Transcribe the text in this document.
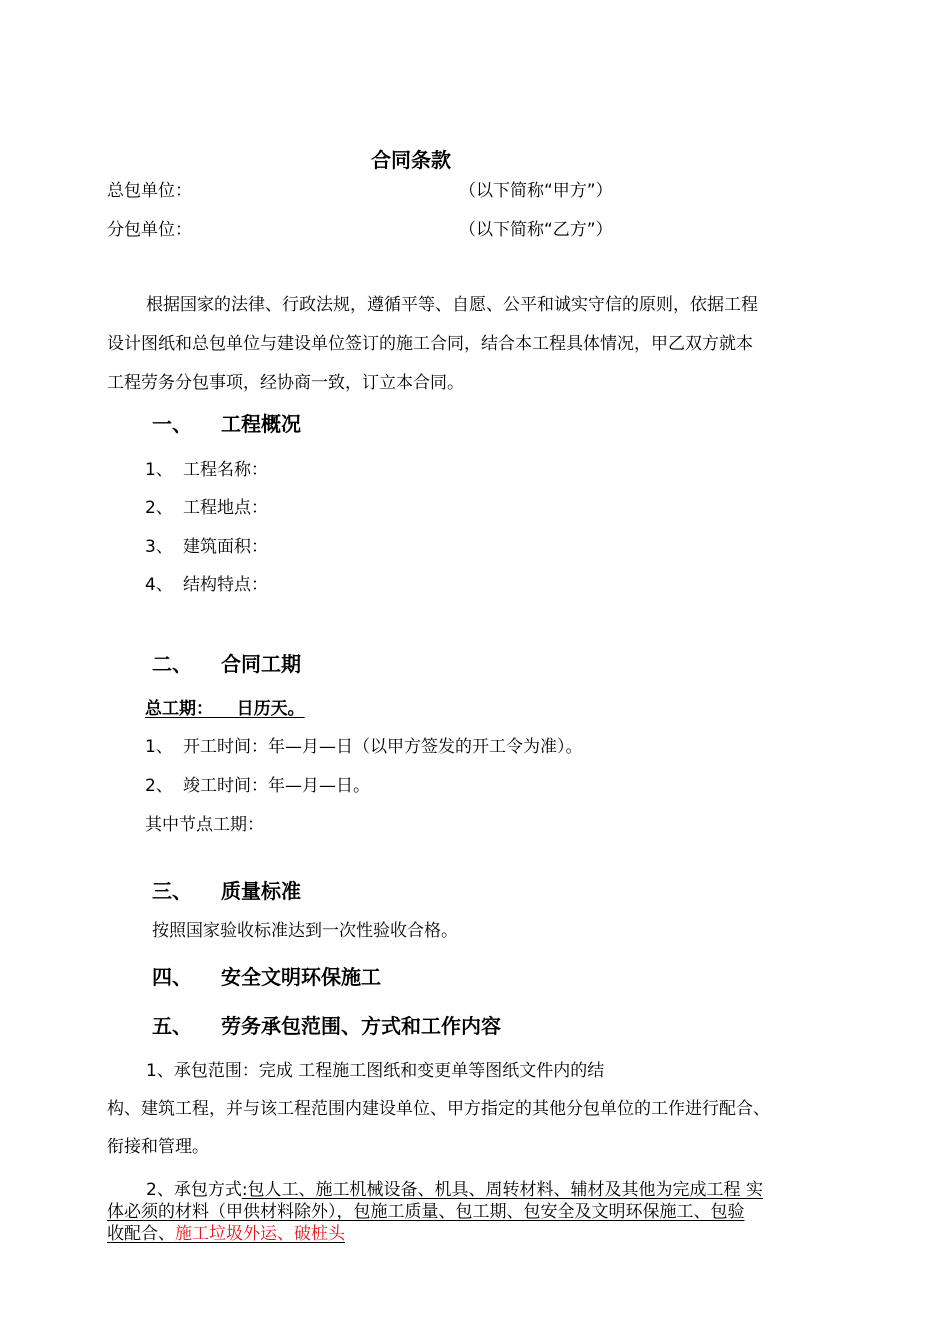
合同条款
总包单位：	（以下简称“甲方”）
分包单位：	（以下简称“乙方”）
根据国家的法律、行政法规，遵循平等、自愿、公平和诚实守信的原则，依据工程
设计图纸和总包单位与建设单位签订的施工合同，结合本工程具体情况，甲乙双方就本
工程劳务分包事项，经协商一致，订立本合同。
一、 工程概况
1、 工程名称：
2、 工程地点：
3、 建筑面积：
4、 结构特点：
二、 合同工期
总工期：    日历天。
1、 开工时间：年—月—日（以甲方签发的开工令为准）。
2、 竣工时间：年—月—日。
其中节点工期：
三、 质量标准
按照国家验收标准达到一次性验收合格。
四、 安全文明环保施工
五、 劳务承包范围、方式和工作内容
1、承包范围：完成 工程施工图纸和变更单等图纸文件内的结
构、建筑工程，并与该工程范围内建设单位、甲方指定的其他分包单位的工作进行配合、
衔接和管理。
2、承包方式:包人工、施工机械设备、机具、周转材料、辅材及其他为完成工程 实
体必须的材料（甲供材料除外），包施工质量、包工期、包安全及文明环保施工、包验
收配合、施工垃圾外运、破桩头
